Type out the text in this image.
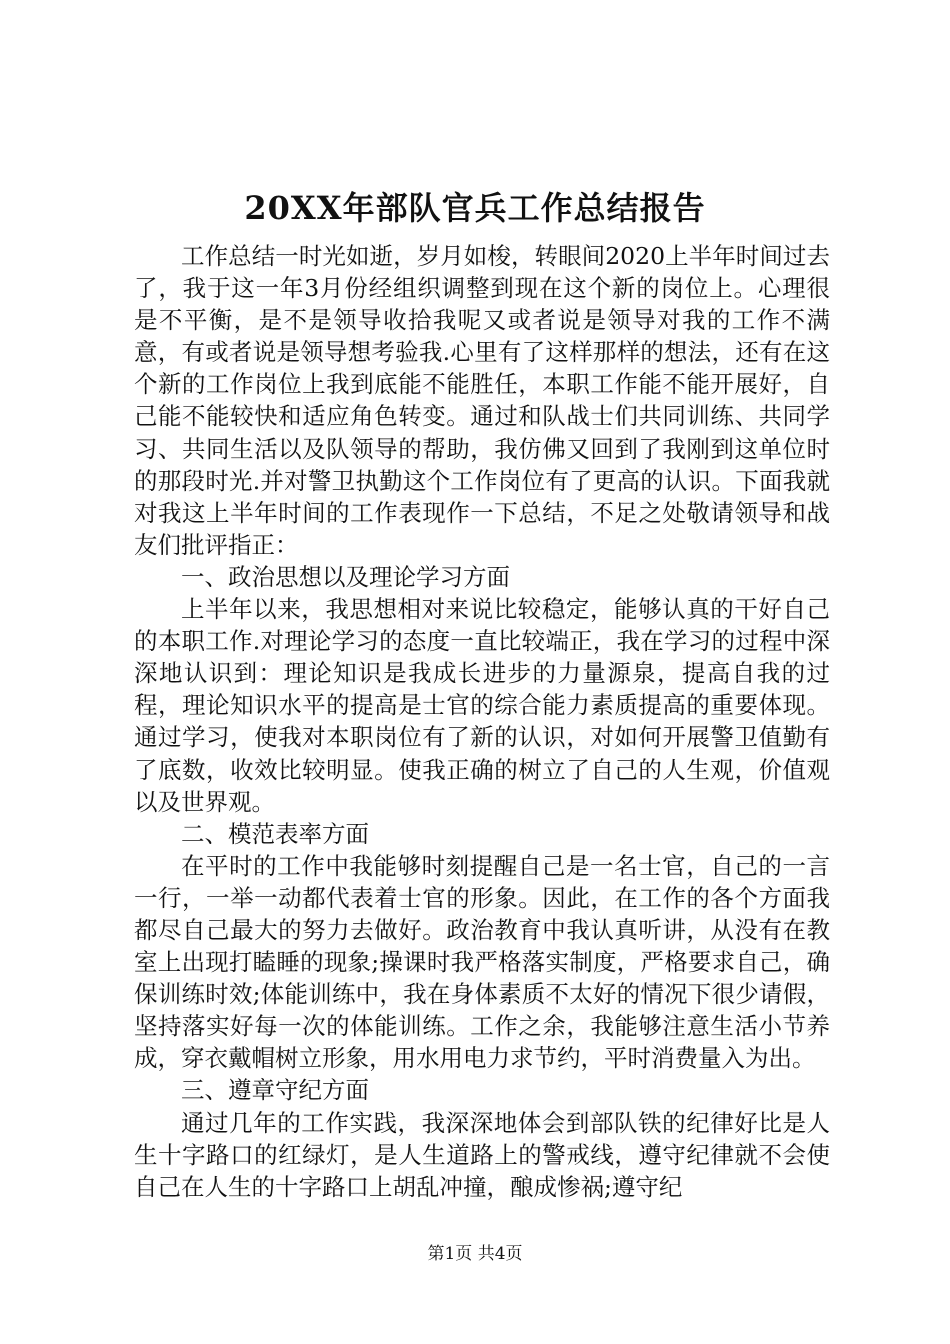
20XX年部队官兵工作总结报告

工作总结一时光如逝，岁月如梭，转眼间2020上半年时间过去了，我于这一年3月份经组织调整到现在这个新的岗位上。心理很是不平衡，是不是领导收拾我呢又或者说是领导对我的工作不满意，有或者说是领导想考验我.心里有了这样那样的想法，还有在这个新的工作岗位上我到底能不能胜任，本职工作能不能开展好，自己能不能较快和适应角色转变。通过和队战士们共同训练、共同学习、共同生活以及队领导的帮助，我仿佛又回到了我刚到这单位时的那段时光.并对警卫执勤这个工作岗位有了更高的认识。下面我就对我这上半年时间的工作表现作一下总结，不足之处敬请领导和战友们批评指正：

一、政治思想以及理论学习方面

上半年以来，我思想相对来说比较稳定，能够认真的干好自己的本职工作.对理论学习的态度一直比较端正，我在学习的过程中深深地认识到：理论知识是我成长进步的力量源泉，提高自我的过程，理论知识水平的提高是士官的综合能力素质提高的重要体现。通过学习，使我对本职岗位有了新的认识，对如何开展警卫值勤有了底数，收效比较明显。使我正确的树立了自己的人生观，价值观以及世界观。

二、模范表率方面

在平时的工作中我能够时刻提醒自己是一名士官，自己的一言一行，一举一动都代表着士官的形象。因此，在工作的各个方面我都尽自己最大的努力去做好。政治教育中我认真听讲，从没有在教室上出现打瞌睡的现象;操课时我严格落实制度，严格要求自己，确保训练时效;体能训练中，我在身体素质不太好的情况下很少请假，坚持落实好每一次的体能训练。工作之余，我能够注意生活小节养成，穿衣戴帽树立形象，用水用电力求节约，平时消费量入为出。

三、遵章守纪方面

通过几年的工作实践，我深深地体会到部队铁的纪律好比是人生十字路口的红绿灯，是人生道路上的警戒线，遵守纪律就不会使自己在人生的十字路口上胡乱冲撞，酿成惨祸;遵守纪

第1页 共4页
